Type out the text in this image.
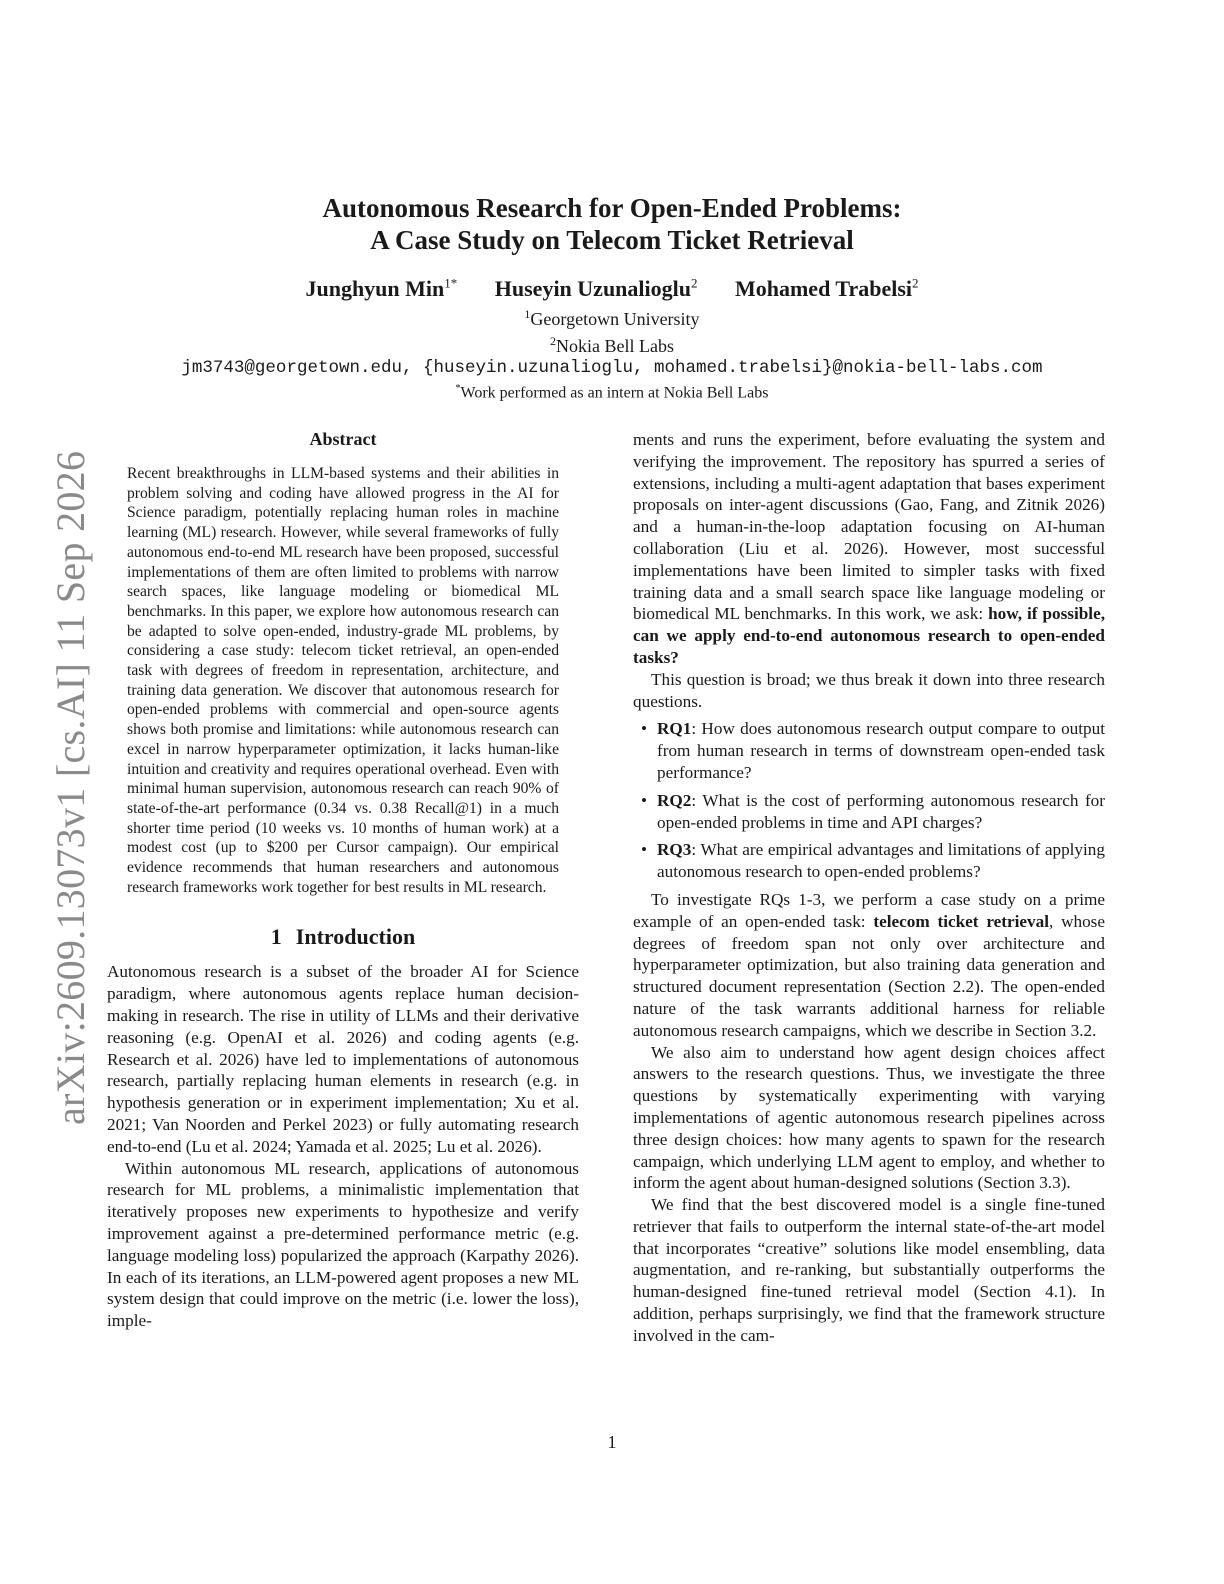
arXiv:2609.13073v1 [cs.AI] 11 Sep 2026
Autonomous Research for Open-Ended Problems:
A Case Study on Telecom Ticket Retrieval
Junghyun Min$^{1*}$ Huseyin Uzunalioglu$^2$ Mohamed Trabelsi$^2$
$^1$Georgetown University
$^2$Nokia Bell Labs
jm3743@georgetown.edu, {huseyin.uzunalioglu, mohamed.trabelsi}@nokia-bell-labs.com
*Work performed as an intern at Nokia Bell Labs
Abstract

Recent breakthroughs in LLM-based systems and their abilities in problem solving and coding have allowed progress in the AI for Science paradigm, potentially replacing human roles in machine learning (ML) research. However, while several frameworks of fully autonomous end-to-end ML research have been proposed, successful implementations of them are often limited to problems with narrow search spaces, like language modeling or biomedical ML benchmarks. In this paper, we explore how autonomous research can be adapted to solve open-ended, industry-grade ML problems, by considering a case study: telecom ticket retrieval, an open-ended task with degrees of freedom in representation, architecture, and training data generation. We discover that autonomous research for open-ended problems with commercial and open-source agents shows both promise and limitations: while autonomous research can excel in narrow hyperparameter optimization, it lacks human-like intuition and creativity and requires operational overhead. Even with minimal human supervision, autonomous research can reach 90% of state-of-the-art performance (0.34 vs. 0.38 Recall@1) in a much shorter time period (10 weeks vs. 10 months of human work) at a modest cost (up to $200 per Cursor campaign). Our empirical evidence recommends that human researchers and autonomous research frameworks work together for best results in ML research.

1 Introduction

Autonomous research is a subset of the broader AI for Science paradigm, where autonomous agents replace human decision-making in research. The rise in utility of LLMs and their derivative reasoning (e.g. OpenAI et al. 2026) and coding agents (e.g. Research et al. 2026) have led to implementations of autonomous research, partially replacing human elements in research (e.g. in hypothesis generation or in experiment implementation; Xu et al. 2021; Van Noorden and Perkel 2023) or fully automating research end-to-end (Lu et al. 2024; Yamada et al. 2025; Lu et al. 2026).

Within autonomous ML research, applications of autonomous research for ML problems, a minimalistic implementation that iteratively proposes new experiments to hypothesize and verify improvement against a pre-determined performance metric (e.g. language modeling loss) popularized the approach (Karpathy 2026). In each of its iterations, an LLM-powered agent proposes a new ML system design that could improve on the metric (i.e. lower the loss), imple-

ments and runs the experiment, before evaluating the system and verifying the improvement. The repository has spurred a series of extensions, including a multi-agent adaptation that bases experiment proposals on inter-agent discussions (Gao, Fang, and Zitnik 2026) and a human-in-the-loop adaptation focusing on AI-human collaboration (Liu et al. 2026). However, most successful implementations have been limited to simpler tasks with fixed training data and a small search space like language modeling or biomedical ML benchmarks. In this work, we ask: how, if possible, can we apply end-to-end autonomous research to open-ended tasks?

This question is broad; we thus break it down into three research questions.

• RQ1: How does autonomous research output compare to output from human research in terms of downstream open-ended task performance?
• RQ2: What is the cost of performing autonomous research for open-ended problems in time and API charges?
• RQ3: What are empirical advantages and limitations of applying autonomous research to open-ended problems?

To investigate RQs 1-3, we perform a case study on a prime example of an open-ended task: telecom ticket retrieval, whose degrees of freedom span not only over architecture and hyperparameter optimization, but also training data generation and structured document representation (Section 2.2). The open-ended nature of the task warrants additional harness for reliable autonomous research campaigns, which we describe in Section 3.2.

We also aim to understand how agent design choices affect answers to the research questions. Thus, we investigate the three questions by systematically experimenting with varying implementations of agentic autonomous research pipelines across three design choices: how many agents to spawn for the research campaign, which underlying LLM agent to employ, and whether to inform the agent about human-designed solutions (Section 3.3).

We find that the best discovered model is a single fine-tuned retriever that fails to outperform the internal state-of-the-art model that incorporates “creative” solutions like model ensembling, data augmentation, and re-ranking, but substantially outperforms the human-designed fine-tuned retrieval model (Section 4.1). In addition, perhaps surprisingly, we find that the framework structure involved in the cam-

1
